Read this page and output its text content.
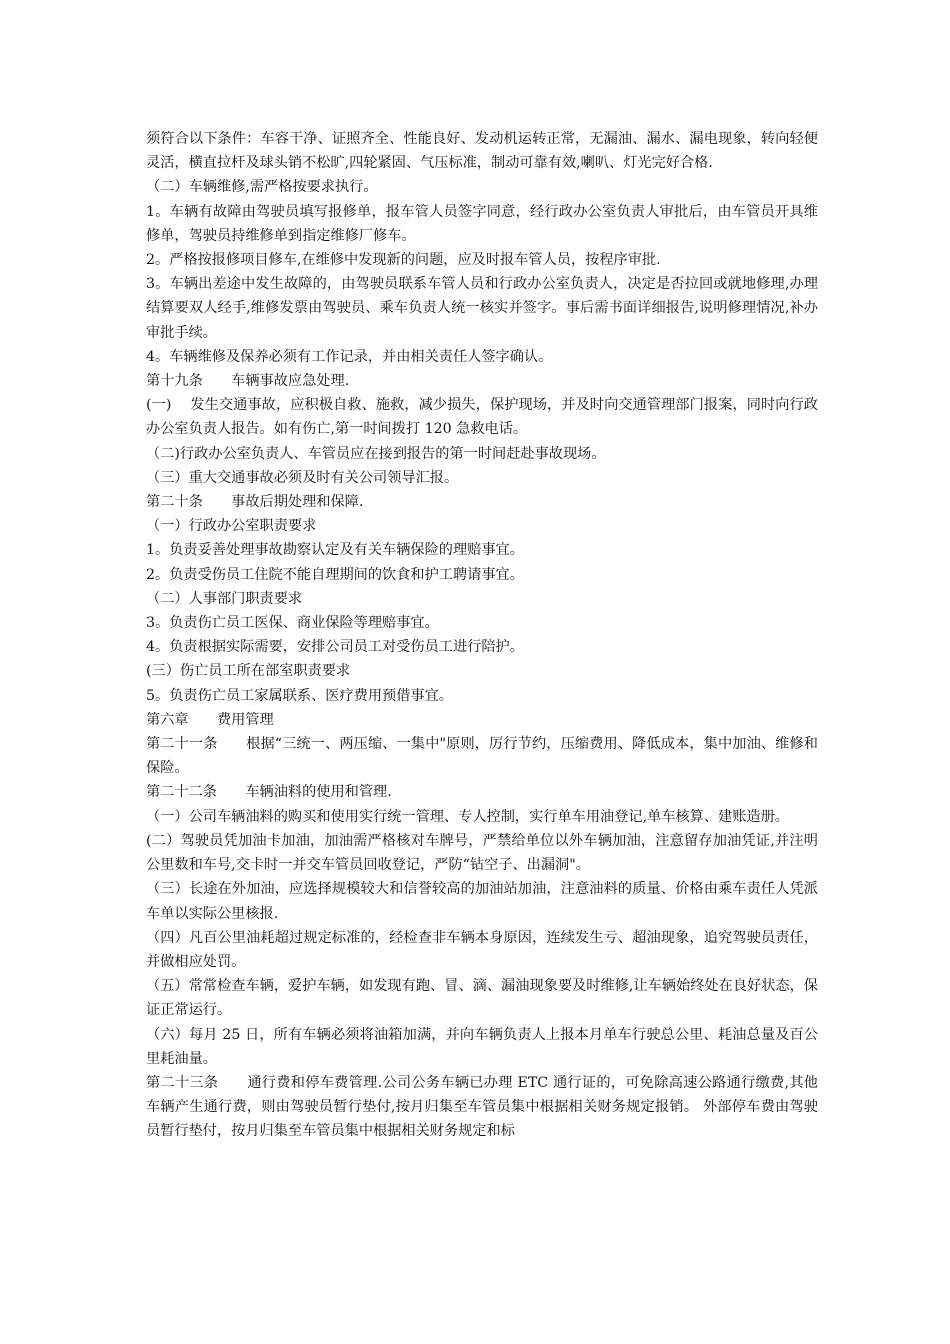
须符合以下条件：车容干净、证照齐全、性能良好、发动机运转正常，无漏油、漏水、漏电现象，转向轻便灵活，横直拉杆及球头销不松旷,四轮紧固、气压标准，制动可靠有效,喇叭、灯光完好合格.

（二）车辆维修,需严格按要求执行。

1。车辆有故障由驾驶员填写报修单，报车管人员签字同意，经行政办公室负责人审批后，由车管员开具维修单，驾驶员持维修单到指定维修厂修车。

2。严格按报修项目修车,在维修中发现新的问题，应及时报车管人员，按程序审批.

3。车辆出差途中发生故障的，由驾驶员联系车管人员和行政办公室负责人，决定是否拉回或就地修理,办理结算要双人经手,维修发票由驾驶员、乘车负责人统一核实并签字。事后需书面详细报告,说明修理情况,补办审批手续。

4。车辆维修及保养必须有工作记录，并由相关责任人签字确认。

第十九条　　车辆事故应急处理.

(一)　 发生交通事故，应积极自救、施救，减少损失，保护现场，并及时向交通管理部门报案，同时向行政办公室负责人报告。如有伤亡,第一时间拨打 120 急救电话。

（二)行政办公室负责人、车管员应在接到报告的第一时间赶赴事故现场。

（三）重大交通事故必须及时有关公司领导汇报。

第二十条　　事故后期处理和保障.

（一）行政办公室职责要求

1。负责妥善处理事故勘察认定及有关车辆保险的理赔事宜。

2。负责受伤员工住院不能自理期间的饮食和护工聘请事宜。

（二）人事部门职责要求

3。负责伤亡员工医保、商业保险等理赔事宜。

4。负责根据实际需要，安排公司员工对受伤员工进行陪护。

(三）伤亡员工所在部室职责要求

5。负责伤亡员工家属联系、医疗费用预借事宜。

第六章　　费用管理

第二十一条　　根据“三统一、两压缩、一集中"原则，厉行节约，压缩费用、降低成本，集中加油、维修和保险。

第二十二条　　车辆油料的使用和管理.

（一）公司车辆油料的购买和使用实行统一管理、专人控制，实行单车用油登记,单车核算、建账造册。

(二）驾驶员凭加油卡加油，加油需严格核对车牌号，严禁给单位以外车辆加油，注意留存加油凭证,并注明公里数和车号,交卡时一并交车管员回收登记，严防“钻空子、出漏洞"。

（三）长途在外加油，应选择规模较大和信誉较高的加油站加油，注意油料的质量、价格由乘车责任人凭派车单以实际公里核报.

（四）凡百公里油耗超过规定标准的，经检查非车辆本身原因，连续发生亏、超油现象，追究驾驶员责任，并做相应处罚。

（五）常常检查车辆，爱护车辆，如发现有跑、冒、滴、漏油现象要及时维修,让车辆始终处在良好状态，保证正常运行。

（六）每月 25 日，所有车辆必须将油箱加满，并向车辆负责人上报本月单车行驶总公里、耗油总量及百公里耗油量。

第二十三条　　通行费和停车费管理.公司公务车辆已办理 ETC 通行证的，可免除高速公路通行缴费,其他车辆产生通行费，则由驾驶员暂行垫付,按月归集至车管员集中根据相关财务规定报销。 外部停车费由驾驶员暂行垫付，按月归集至车管员集中根据相关财务规定和标
